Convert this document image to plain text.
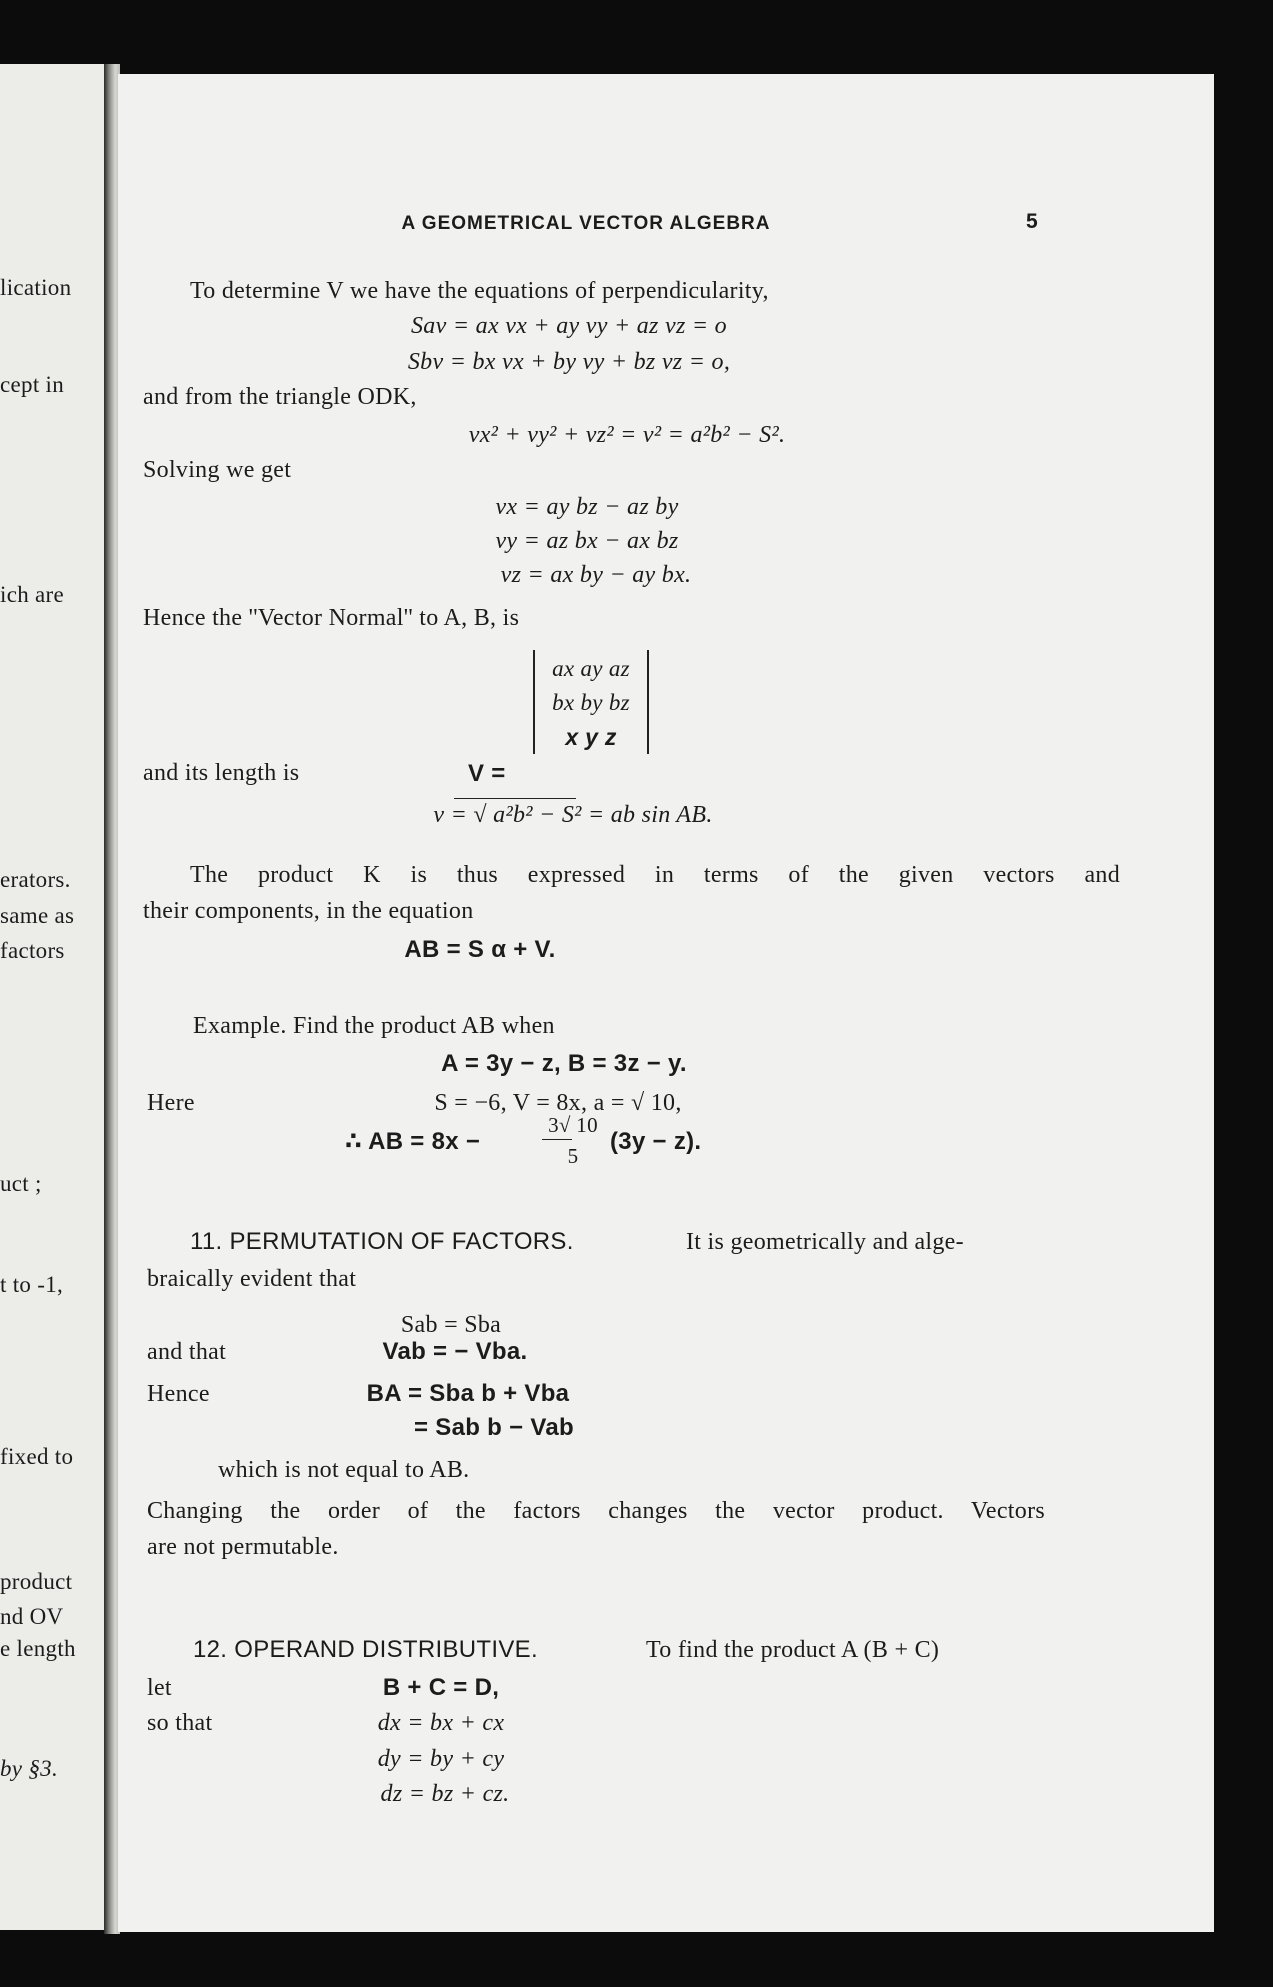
lication
cept in
ich are
erators.
same as
factors
uct ;
t to -1,
fixed to
product
nd OV
e length
by §3.
A GEOMETRICAL VECTOR ALGEBRA	5
To determine V we have the equations of perpendicularity,
Sav = ax vx + ay vy + az vz = o
Sbv = bx vx + by vy + bz vz = o,
and from the triangle ODK,
vx² + vy² + vz² = v² = a²b² − S².
Solving we get
vx = ay bz − az by
vy = az bx − ax bz
vz = ax by − ay bx.
Hence the ''Vector Normal'' to A, B, is
V =
ax ay az
bx by bz
x y z
and its length is
v = √ a²b² − S² = ab sin AB.
The product K is thus expressed in terms of the given vectors and
their components, in the equation
AB = S α + V.
Example. Find the product AB when
A = 3y − z, B = 3z − y.
Here	S = −6, V = 8x, a = √ 10,
∴ AB = 8x −
3√ 10
5
(3y − z).
11. PERMUTATION OF FACTORS.	It is geometrically and alge-
braically evident that
Sab = Sba
and that	Vab = − Vba.
Hence	BA = Sba b + Vba
= Sab b − Vab
which is not equal to AB.
Changing the order of the factors changes the vector product. Vectors
are not permutable.
12. OPERAND DISTRIBUTIVE.	To find the product A (B + C)
let	B + C = D,
so that	dx = bx + cx
dy = by + cy
dz = bz + cz.
